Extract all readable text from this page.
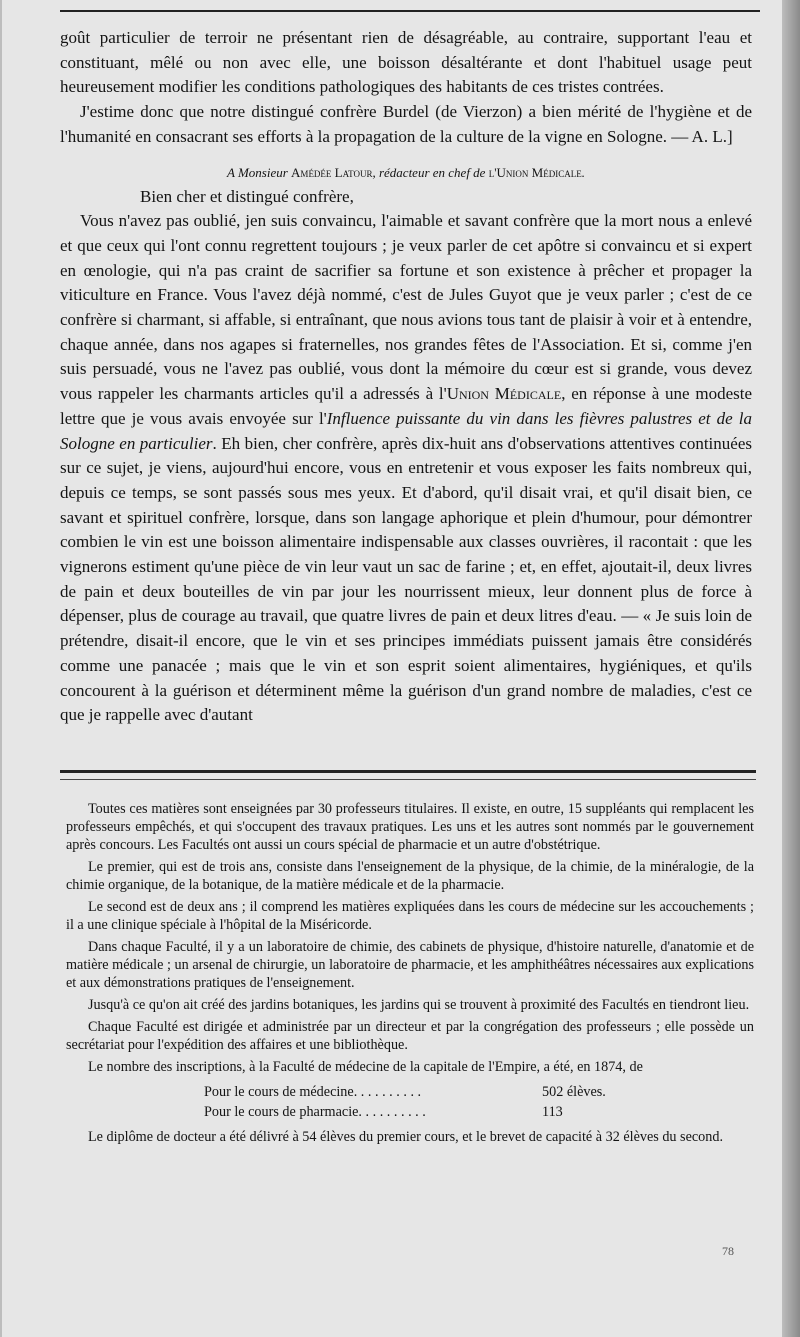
goût particulier de terroir ne présentant rien de désagréable, au contraire, supportant l'eau et constituant, mêlé ou non avec elle, une boisson désaltérante et dont l'habituel usage peut heureusement modifier les conditions pathologiques des habitants de ces tristes contrées.

J'estime donc que notre distingué confrère Burdel (de Vierzon) a bien mérité de l'hygiène et de l'humanité en consacrant ses efforts à la propagation de la culture de la vigne en Sologne. — A. L.]

A Monsieur Amédée Latour, rédacteur en chef de l'Union Médicale.

Bien cher et distingué confrère,

Vous n'avez pas oublié, jen suis convaincu, l'aimable et savant confrère que la mort nous a enlevé et que ceux qui l'ont connu regrettent toujours ; je veux parler de cet apôtre si convaincu et si expert en œnologie, qui n'a pas craint de sacrifier sa fortune et son existence à prêcher et propager la viticulture en France. Vous l'avez déjà nommé, c'est de Jules Guyot que je veux parler ; c'est de ce confrère si charmant, si affable, si entraînant, que nous avions tous tant de plaisir à voir et à entendre, chaque année, dans nos agapes si fraternelles, nos grandes fêtes de l'Association. Et si, comme j'en suis persuadé, vous ne l'avez pas oublié, vous dont la mémoire du cœur est si grande, vous devez vous rappeler les charmants articles qu'il a adressés à l'Union Médicale, en réponse à une modeste lettre que je vous avais envoyée sur l'Influence puissante du vin dans les fièvres palustres et de la Sologne en particulier. Eh bien, cher confrère, après dix-huit ans d'observations attentives continuées sur ce sujet, je viens, aujourd'hui encore, vous en entretenir et vous exposer les faits nombreux qui, depuis ce temps, se sont passés sous mes yeux. Et d'abord, qu'il disait vrai, et qu'il disait bien, ce savant et spirituel confrère, lorsque, dans son langage aphorique et plein d'humour, pour démontrer combien le vin est une boisson alimentaire indispensable aux classes ouvrières, il racontait : que les vignerons estiment qu'une pièce de vin leur vaut un sac de farine ; et, en effet, ajoutait-il, deux livres de pain et deux bouteilles de vin par jour les nourrissent mieux, leur donnent plus de force à dépenser, plus de courage au travail, que quatre livres de pain et deux litres d'eau. — « Je suis loin de prétendre, disait-il encore, que le vin et ses principes immédiats puissent jamais être considérés comme une panacée ; mais que le vin et son esprit soient alimentaires, hygiéniques, et qu'ils concourent à la guérison et déterminent même la guérison d'un grand nombre de maladies, c'est ce que je rappelle avec d'autant

Toutes ces matières sont enseignées par 30 professeurs titulaires. Il existe, en outre, 15 suppléants qui remplacent les professeurs empêchés, et qui s'occupent des travaux pratiques. Les uns et les autres sont nommés par le gouvernement après concours. Les Facultés ont aussi un cours spécial de pharmacie et un autre d'obstétrique.

Le premier, qui est de trois ans, consiste dans l'enseignement de la physique, de la chimie, de la minéralogie, de la chimie organique, de la botanique, de la matière médicale et de la pharmacie.

Le second est de deux ans ; il comprend les matières expliquées dans les cours de médecine sur les accouchements ; il a une clinique spéciale à l'hôpital de la Miséricorde.

Dans chaque Faculté, il y a un laboratoire de chimie, des cabinets de physique, d'histoire naturelle, d'anatomie et de matière médicale ; un arsenal de chirurgie, un laboratoire de pharmacie, et les amphithéâtres nécessaires aux explications et aux démonstrations pratiques de l'enseignement.

Jusqu'à ce qu'on ait créé des jardins botaniques, les jardins qui se trouvent à proximité des Facultés en tiendront lieu.

Chaque Faculté est dirigée et administrée par un directeur et par la congrégation des professeurs ; elle possède un secrétariat pour l'expédition des affaires et une bibliothèque.

Le nombre des inscriptions, à la Faculté de médecine de la capitale de l'Empire, a été, en 1874, de

Pour le cours de médecine. . . . . . . . . .	502 élèves.
Pour le cours de pharmacie. . . . . . . . . .	113

Le diplôme de docteur a été délivré à 54 élèves du premier cours, et le brevet de capacité à 32 élèves du second.

78
